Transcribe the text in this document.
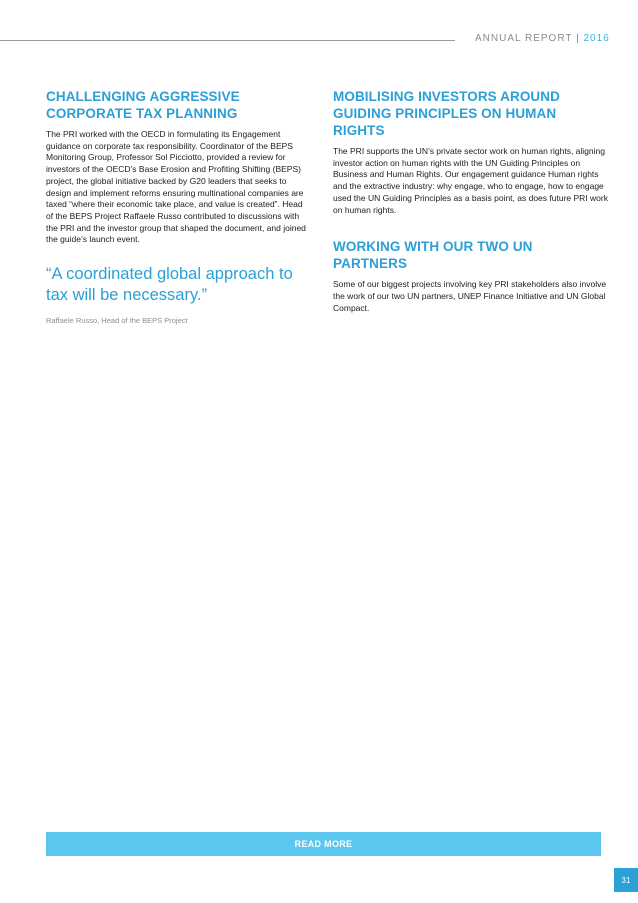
ANNUAL REPORT | 2016
CHALLENGING AGGRESSIVE CORPORATE TAX PLANNING

The PRI worked with the OECD in formulating its Engagement guidance on corporate tax responsibility. Coordinator of the BEPS Monitoring Group, Professor Sol Picciotto, provided a review for investors of the OECD’s Base Erosion and Profiting Shifting (BEPS) project, the global initiative backed by G20 leaders that seeks to design and implement reforms ensuring multinational companies are taxed “where their economic take place, and value is created”. Head of the BEPS Project Raffaele Russo contributed to discussions with the PRI and the investor group that shaped the document, and joined the guide’s launch event.

“A coordinated global approach to tax will be necessary.”
Raffaele Russo, Head of the BEPS Project
MOBILISING INVESTORS AROUND GUIDING PRINCIPLES ON HUMAN RIGHTS

The PRI supports the UN’s private sector work on human rights, aligning investor action on human rights with the UN Guiding Principles on Business and Human Rights. Our engagement guidance Human rights and the extractive industry: why engage, who to engage, how to engage used the UN Guiding Principles as a basis point, as does future PRI work on human rights.

WORKING WITH OUR TWO UN PARTNERS

Some of our biggest projects involving key PRI stakeholders also involve the work of our two UN partners, UNEP Finance Initiative and UN Global Compact.

READ MORE
31
